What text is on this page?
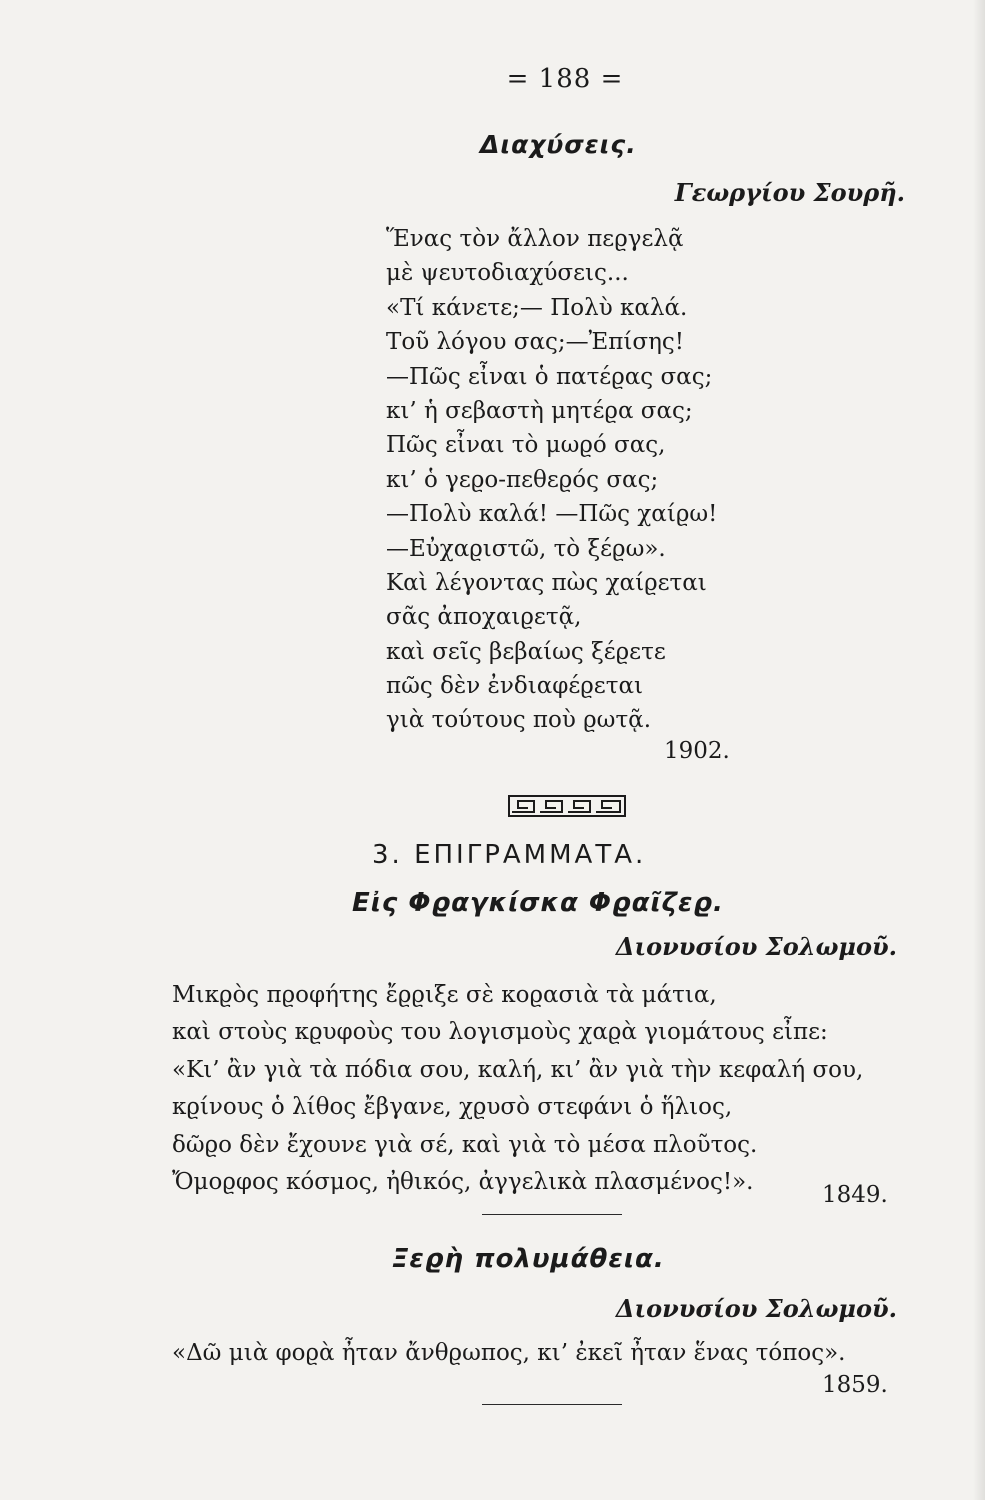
= 188 =
Διαχύσεις.
Γεωργίου Σουρῆ.
Ἕνας τὸν ἄλλον πεϱγελᾷ
μὲ ψευτοδιαχύσεις...
«Τί κάνετε;— Πολὺ καλά.
Τοῦ λόγου σας;—Ἐπίσης!
—Πῶς εἶναι ὁ πατέϱας σας;
κι’ ἡ σεβαστὴ μητέϱα σας;
Πῶς εἶναι τὸ μωϱό σας,
κι’ ὁ γεϱο-πεθεϱός σας;
—Πολὺ καλά! —Πῶς χαίϱω!
—Εὐχαϱιστῶ, τὸ ξέϱω».
Καὶ λέγοντας πὼς χαίϱεται
σᾶς ἀποχαιϱετᾷ,
καὶ σεῖς βεβαίως ξέϱετε
πῶς δὲν ἐνδιαφέϱεται
γιὰ τούτους ποὺ ϱωτᾷ.
1902.
3. ΕΠΙΓΡΑΜΜΑΤΑ.
Εἰς Φϱαγκίσκα Φϱαῖζεϱ.
Διονυσίου Σολωμοῦ.
Μικϱὸς πϱοφήτης ἔϱϱιξε σὲ κοϱασιὰ τὰ μάτια,
καὶ στοὺς κϱυφοὺς του λογισμοὺς χαϱὰ γιομάτους εἶπε:
«Κι’ ἂν γιὰ τὰ πόδια σου, καλή, κι’ ἂν γιὰ τὴν κεφαλή σου,
κϱίνους ὁ λίθος ἔβγανε, χϱυσὸ στεφάνι ὁ ἥλιος,
δῶϱο δὲν ἔχουνε γιὰ σέ, καὶ γιὰ τὸ μέσα πλοῦτος.
Ὄμοϱφος κόσμος, ἠθικός, ἀγγελικὰ πλασμένος!».
1849.
Ξεϱὴ πολυμάθεια.
Διονυσίου Σολωμοῦ.
«Δῶ μιὰ φοϱὰ ἦταν ἄνθϱωπος, κι’ ἐκεῖ ἦταν ἕνας τόπος».
1859.
